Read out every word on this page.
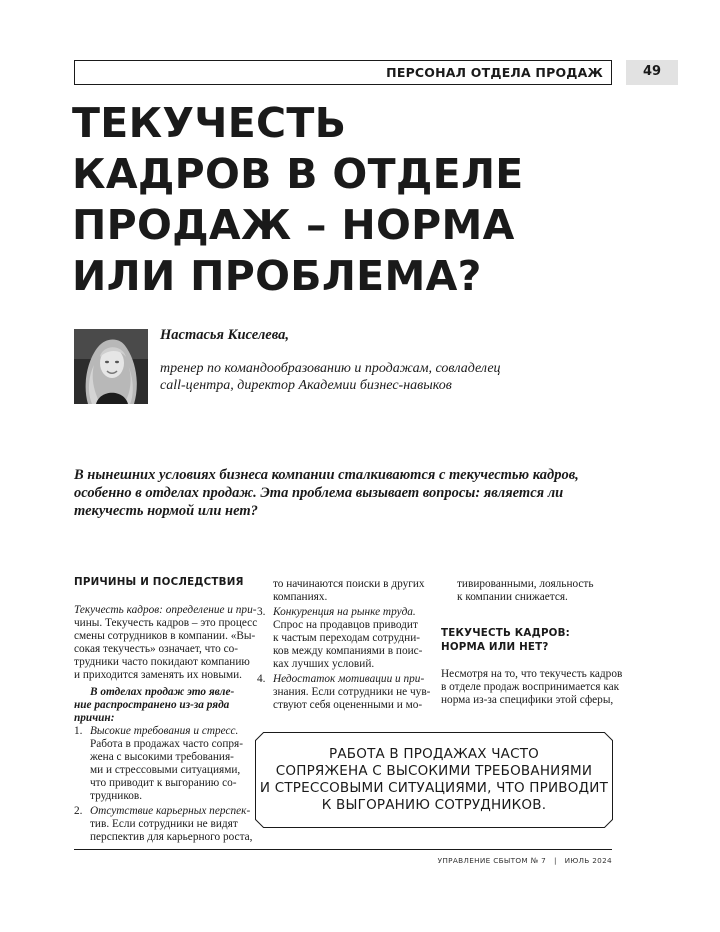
ПЕРСОНАЛ ОТДЕЛА ПРОДАЖ	49
ТЕКУЧЕСТЬ
КАДРОВ В ОТДЕЛЕ
ПРОДАЖ – НОРМА
ИЛИ ПРОБЛЕМА?
Настасья Киселева,
тренер по командообразованию и продажам, совладелец
call-центра, директор Академии бизнес-навыков
В нынешних условиях бизнеса компании сталкиваются с текучестью кадров,
особенно в отделах продаж. Эта проблема вызывает вопросы: является ли
текучесть нормой или нет?
ПРИЧИНЫ И ПОСЛЕДСТВИЯ
Текучесть кадров: определение и при-
чины. Текучесть кадров – это процесс
смены сотрудников в компании. «Вы-
сокая текучесть» означает, что со-
трудники часто покидают компанию
и приходится заменять их новыми.
В отделах продаж это явле-
ние распространено из-за ряда
причин:
1. Высокие требования и стресс.
Работа в продажах часто сопря-
жена с высокими требования-
ми и стрессовыми ситуациями,
что приводит к выгоранию со-
трудников.
2. Отсутствие карьерных перспек-
тив. Если сотрудники не видят
перспектив для карьерного роста,
то начинаются поиски в других
компаниях.
3. Конкуренция на рынке труда.
Спрос на продавцов приводит
к частым переходам сотрудни-
ков между компаниями в поис-
ках лучших условий.
4. Недостаток мотивации и при-
знания. Если сотрудники не чув-
ствуют себя оцененными и мо-
тивированными, лояльность
к компании снижается.
ТЕКУЧЕСТЬ КАДРОВ:
НОРМА ИЛИ НЕТ?
Несмотря на то, что текучесть кадров
в отделе продаж воспринимается как
норма из-за специфики этой сферы,
РАБОТА В ПРОДАЖАХ ЧАСТО
СОПРЯЖЕНА С ВЫСОКИМИ ТРЕБОВАНИЯМИ
И СТРЕССОВЫМИ СИТУАЦИЯМИ, ЧТО ПРИВОДИТ
К ВЫГОРАНИЮ СОТРУДНИКОВ.
УПРАВЛЕНИЕ СБЫТОМ № 7   |   ИЮЛЬ 2024
